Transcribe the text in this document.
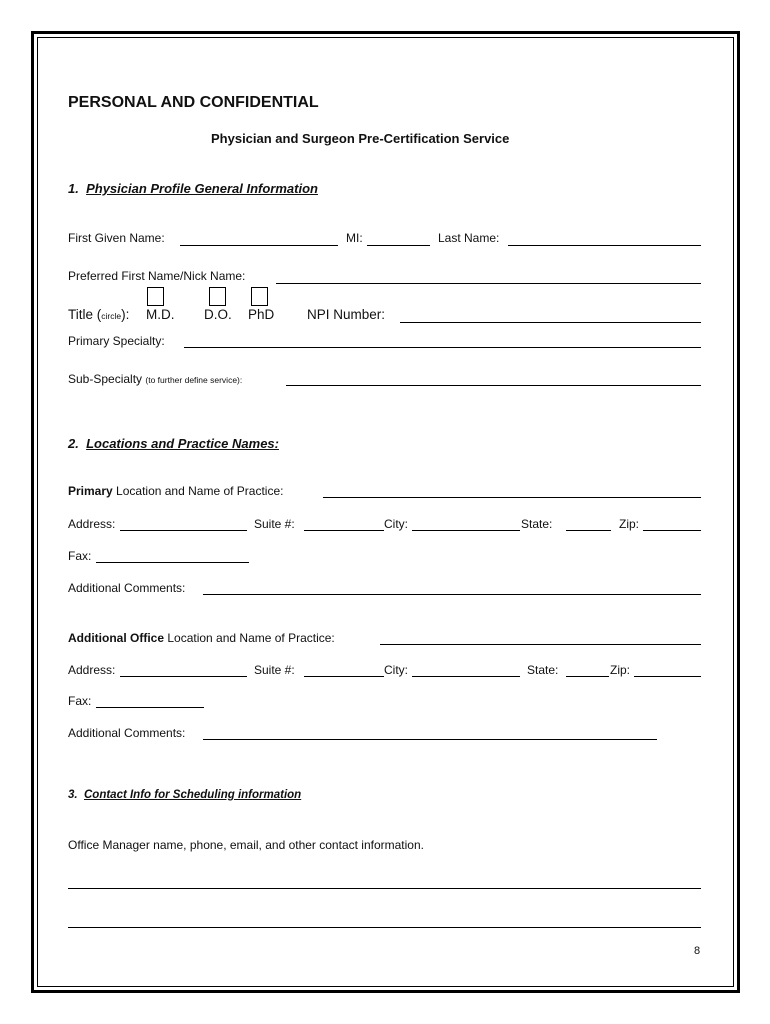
PERSONAL AND CONFIDENTIAL
Physician and Surgeon Pre-Certification Service
1. Physician Profile General Information
First Given Name:	MI:	Last Name:
Preferred First Name/Nick Name:
Title (circle): M.D. D.O. PhD NPI Number:
Primary Specialty:
Sub-Specialty (to further define service):
2. Locations and Practice Names:
Primary Location and Name of Practice:
Address:	Suite #:	City:	State:	Zip:
Fax:
Additional Comments:
Additional Office Location and Name of Practice:
Address:	Suite #:	City:	State:	Zip:
Fax:
Additional Comments:
3. Contact Info for Scheduling information
Office Manager name, phone, email, and other contact information.
8
